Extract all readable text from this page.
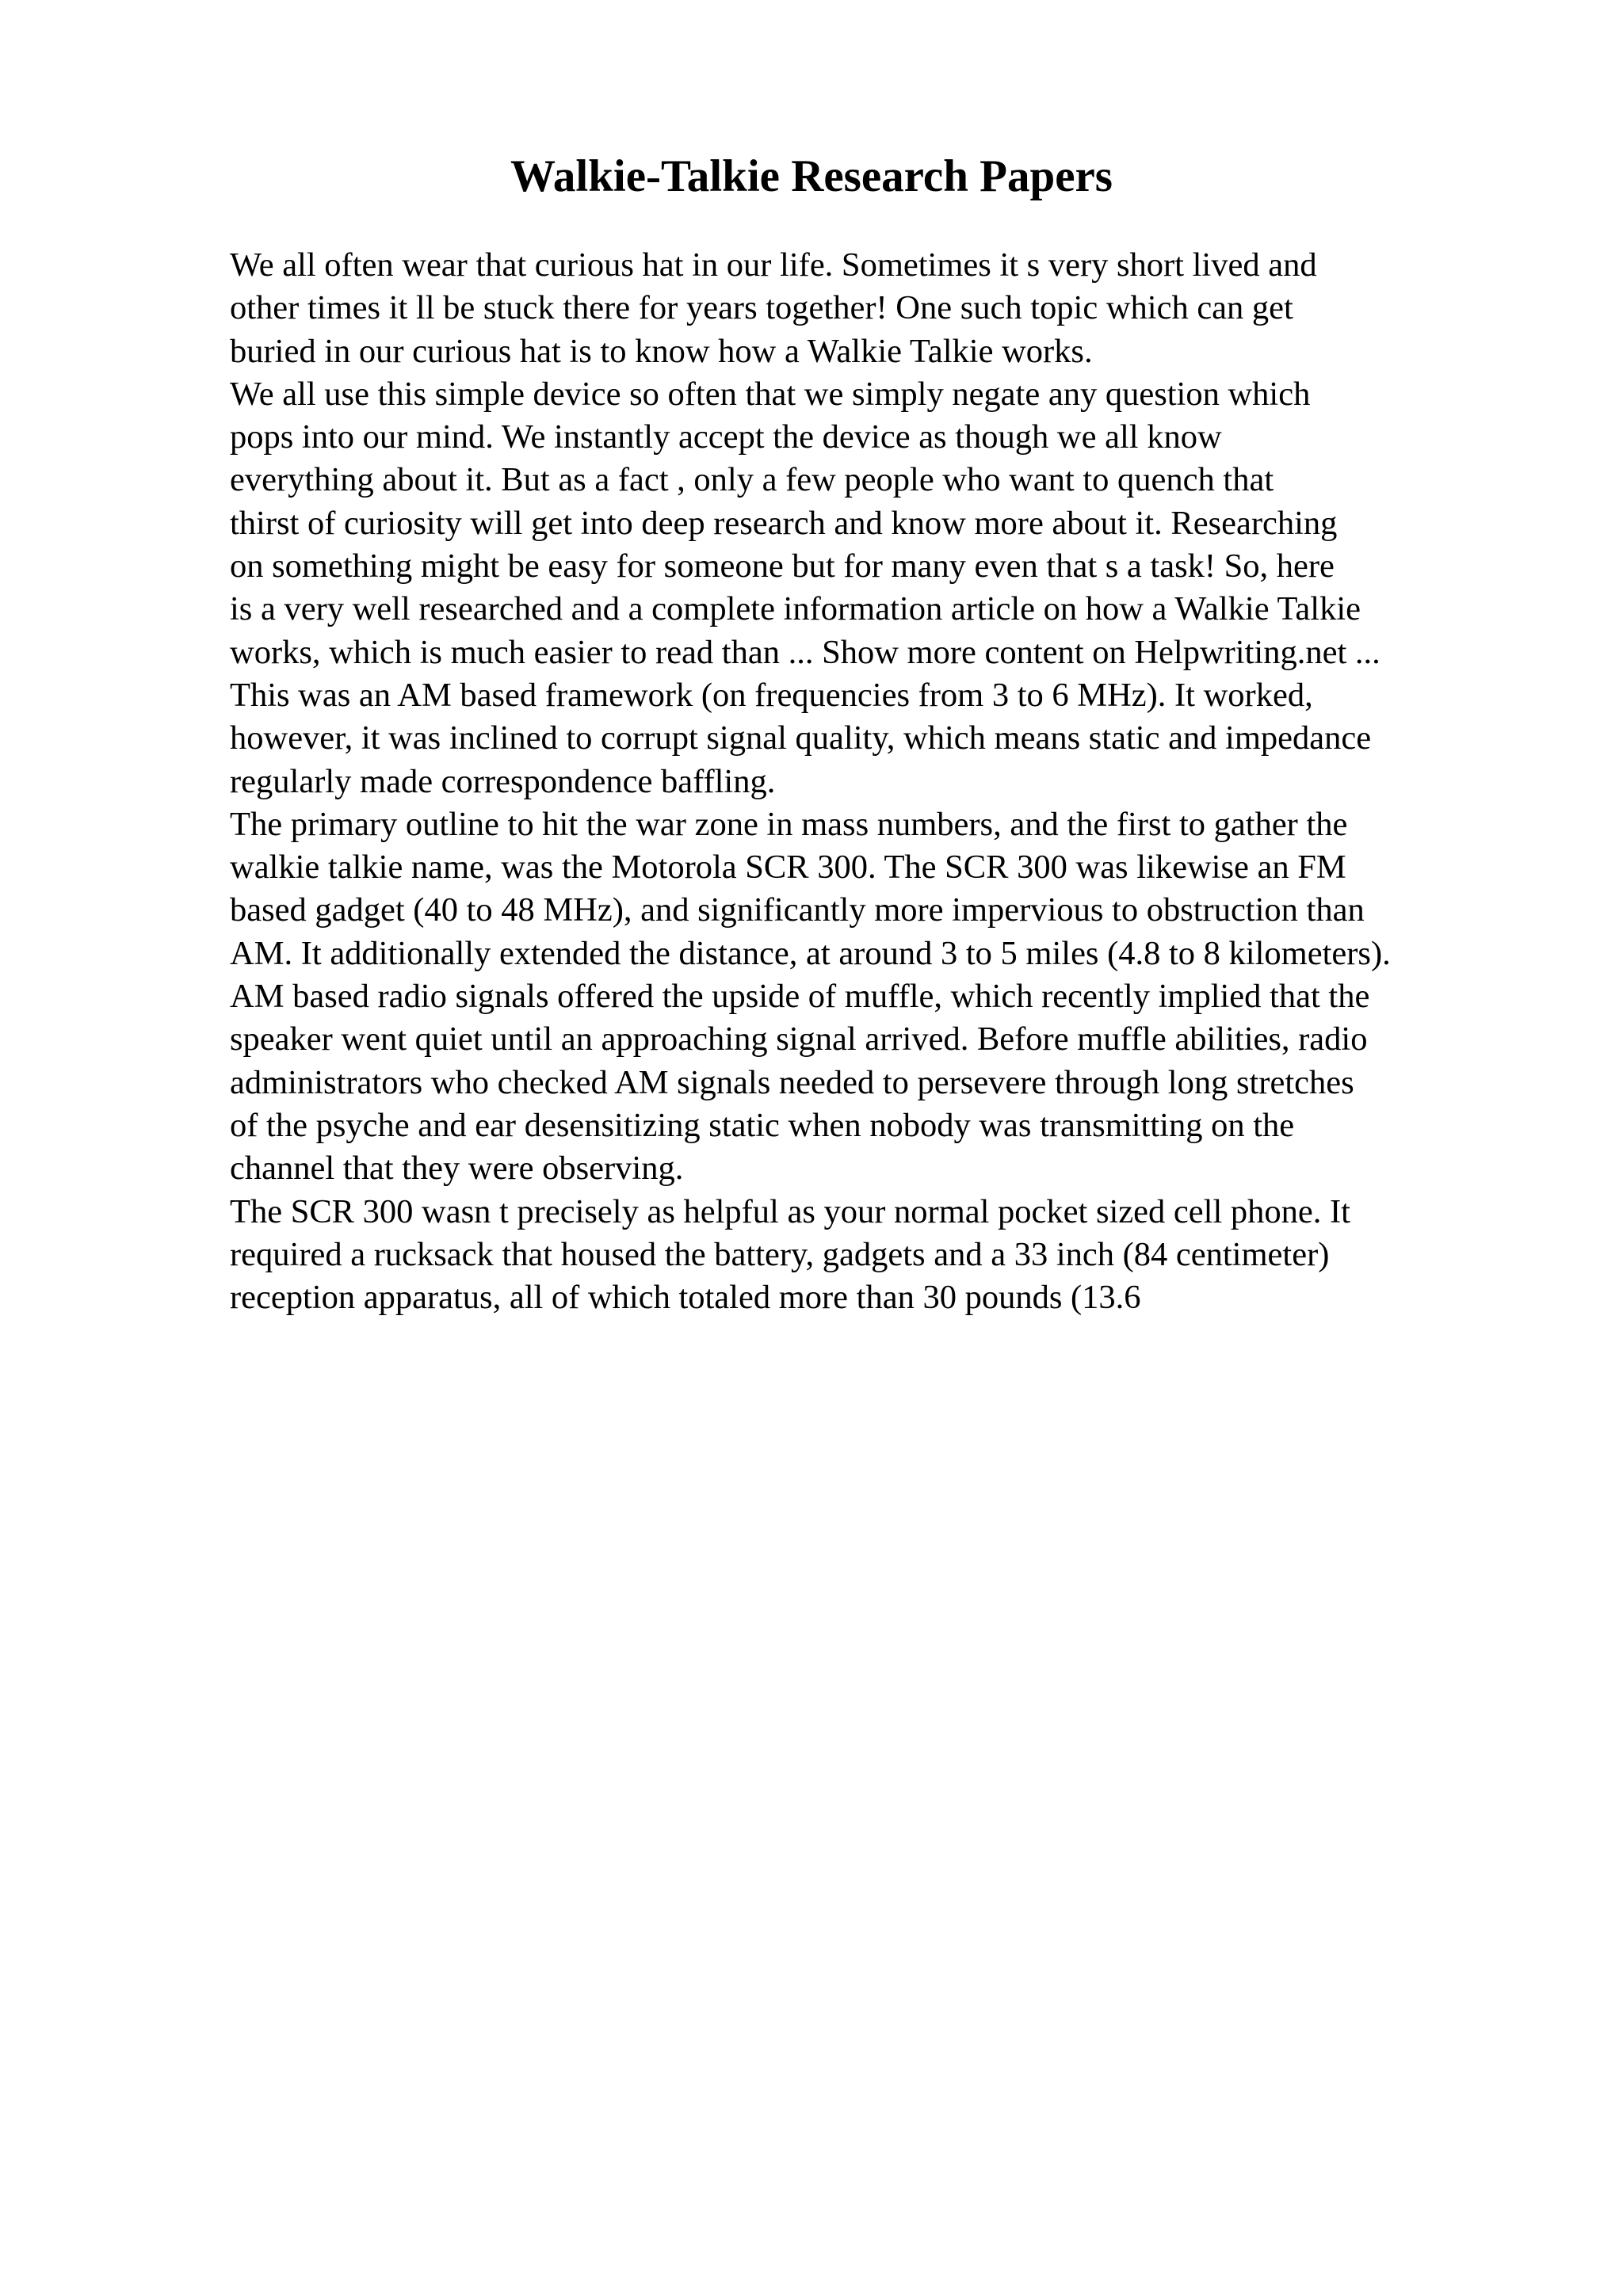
Walkie-Talkie Research Papers
We all often wear that curious hat in our life. Sometimes it s very short lived and
other times it ll be stuck there for years together! One such topic which can get
buried in our curious hat is to know how a Walkie Talkie works.
We all use this simple device so often that we simply negate any question which
pops into our mind. We instantly accept the device as though we all know
everything about it. But as a fact , only a few people who want to quench that
thirst of curiosity will get into deep research and know more about it. Researching
on something might be easy for someone but for many even that s a task! So, here
is a very well researched and a complete information article on how a Walkie Talkie
works, which is much easier to read than ... Show more content on Helpwriting.net ...
This was an AM based framework (on frequencies from 3 to 6 MHz). It worked,
however, it was inclined to corrupt signal quality, which means static and impedance
regularly made correspondence baffling.
The primary outline to hit the war zone in mass numbers, and the first to gather the
walkie talkie name, was the Motorola SCR 300. The SCR 300 was likewise an FM
based gadget (40 to 48 MHz), and significantly more impervious to obstruction than
AM. It additionally extended the distance, at around 3 to 5 miles (4.8 to 8 kilometers).
AM based radio signals offered the upside of muffle, which recently implied that the
speaker went quiet until an approaching signal arrived. Before muffle abilities, radio
administrators who checked AM signals needed to persevere through long stretches
of the psyche and ear desensitizing static when nobody was transmitting on the
channel that they were observing.
The SCR 300 wasn t precisely as helpful as your normal pocket sized cell phone. It
required a rucksack that housed the battery, gadgets and a 33 inch (84 centimeter)
reception apparatus, all of which totaled more than 30 pounds (13.6
